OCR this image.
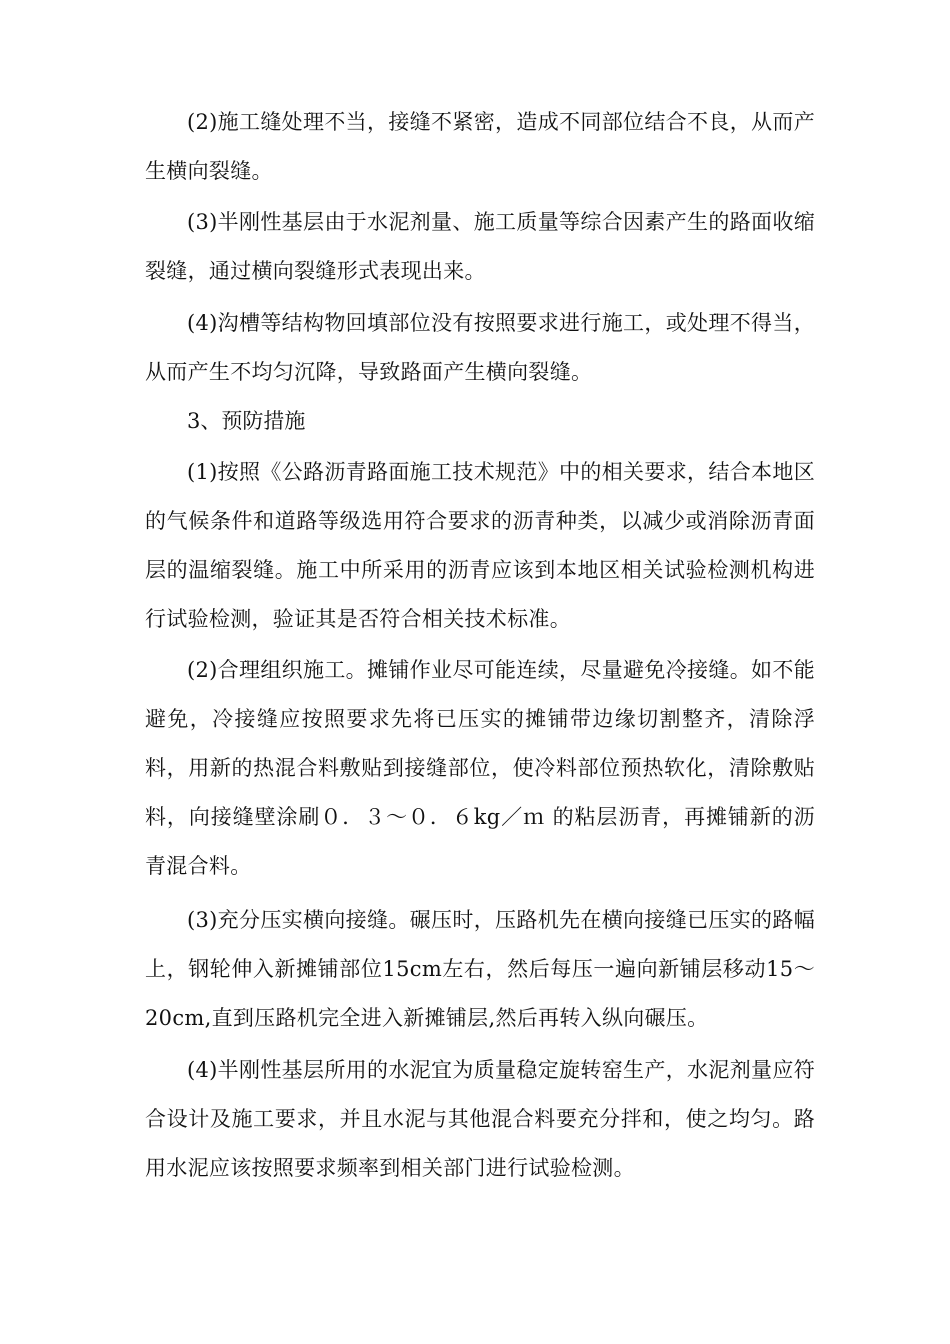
(2)施工缝处理不当，接缝不紧密，造成不同部位结合不良，从而产生横向裂缝。

(3)半刚性基层由于水泥剂量、施工质量等综合因素产生的路面收缩裂缝，通过横向裂缝形式表现出来。

(4)沟槽等结构物回填部位没有按照要求进行施工，或处理不得当，从而产生不均匀沉降，导致路面产生横向裂缝。

3、预防措施

(1)按照《公路沥青路面施工技术规范》中的相关要求，结合本地区的气候条件和道路等级选用符合要求的沥青种类，以减少或消除沥青面层的温缩裂缝。施工中所采用的沥青应该到本地区相关试验检测机构进行试验检测，验证其是否符合相关技术标准。

(2)合理组织施工。摊铺作业尽可能连续，尽量避免冷接缝。如不能避免，冷接缝应按照要求先将已压实的摊铺带边缘切割整齐，清除浮料，用新的热混合料敷贴到接缝部位，使冷料部位预热软化，清除敷贴料，向接缝壁涂刷０．３～０．６kg／ｍ 的粘层沥青，再摊铺新的沥青混合料。

(3)充分压实横向接缝。碾压时，压路机先在横向接缝已压实的路幅上，钢轮伸入新摊铺部位15cm左右，然后每压一遍向新铺层移动15～20cm,直到压路机完全进入新摊铺层,然后再转入纵向碾压。

(4)半刚性基层所用的水泥宜为质量稳定旋转窑生产，水泥剂量应符合设计及施工要求，并且水泥与其他混合料要充分拌和，使之均匀。路用水泥应该按照要求频率到相关部门进行试验检测。
